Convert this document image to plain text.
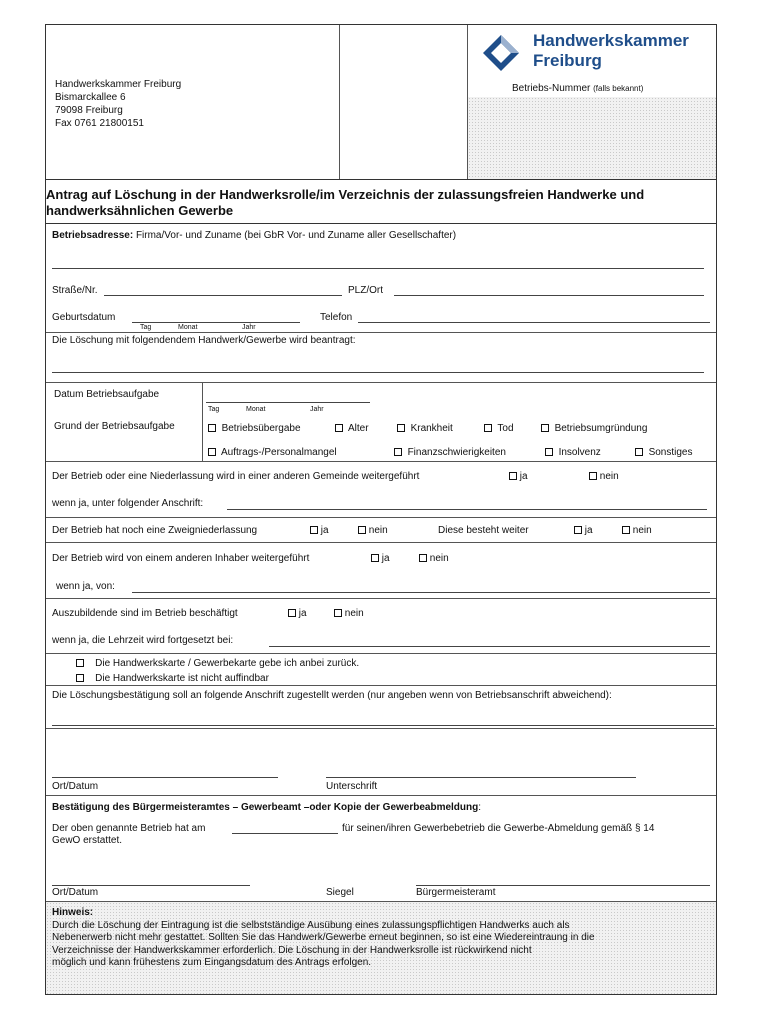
Handwerkskammer Freiburg
Bismarckallee 6
79098 Freiburg
Fax 0761 21800151
Handwerkskammer
Freiburg
Betriebs-Nummer (falls bekannt)
Antrag auf Löschung in der Handwerksrolle/im Verzeichnis der zulassungsfreien Handwerke und handwerksähnlichen Gewerbe
Betriebsadresse: Firma/Vor- und Zuname (bei GbR Vor- und Zuname aller Gesellschafter)
Straße/Nr.	PLZ/Ort
Geburtsdatum
Tag	Monat	Jahr
Telefon
Die Löschung mit folgendendem Handwerk/Gewerbe wird beantragt:
Datum Betriebsaufgabe
Tag	Monat	Jahr
Grund der Betriebsaufgabe	Betriebsübergabe	Alter	Krankheit	Tod	Betriebsumgründung
Auftrags-/Personalmangel	Finanzschwierigkeiten	Insolvenz	Sonstiges
Der Betrieb oder eine Niederlassung wird in einer anderen Gemeinde weitergeführt	ja	nein
wenn ja, unter folgender Anschrift:
Der Betrieb hat noch eine Zweigniederlassung	ja	nein	Diese besteht weiter	ja	nein
Der Betrieb wird von einem anderen Inhaber weitergeführt	ja	nein
wenn ja, von:
Auszubildende sind im Betrieb beschäftigt	ja	nein
wenn ja, die Lehrzeit wird fortgesetzt bei:
Die Handwerkskarte / Gewerbekarte gebe ich anbei zurück.
Die Handwerkskarte ist nicht auffindbar
Die Löschungsbestätigung soll an folgende Anschrift zugestellt werden (nur angeben wenn von Betriebsanschrift abweichend):
Ort/Datum	Unterschrift
Bestätigung des Bürgermeisteramtes – Gewerbeamt –oder Kopie der Gewerbeabmeldung:
Der oben genannte Betrieb hat am	für seinen/ihren Gewerbebetrieb die Gewerbe-Abmeldung gemäß § 14
GewO erstattet.
Ort/Datum	Siegel	Bürgermeisteramt
Hinweis:
Durch die Löschung der Eintragung ist die selbstständige Ausübung eines zulassungspflichtigen Handwerks auch als
Nebenerwerb nicht mehr gestattet. Sollten Sie das Handwerk/Gewerbe erneut beginnen, so ist eine Wiedereintraung in die
Verzeichnisse der Handwerkskammer erforderlich. Die Löschung in der Handwerksrolle ist rückwirkend nicht
möglich und kann frühestens zum Eingangsdatum des Antrags erfolgen.
